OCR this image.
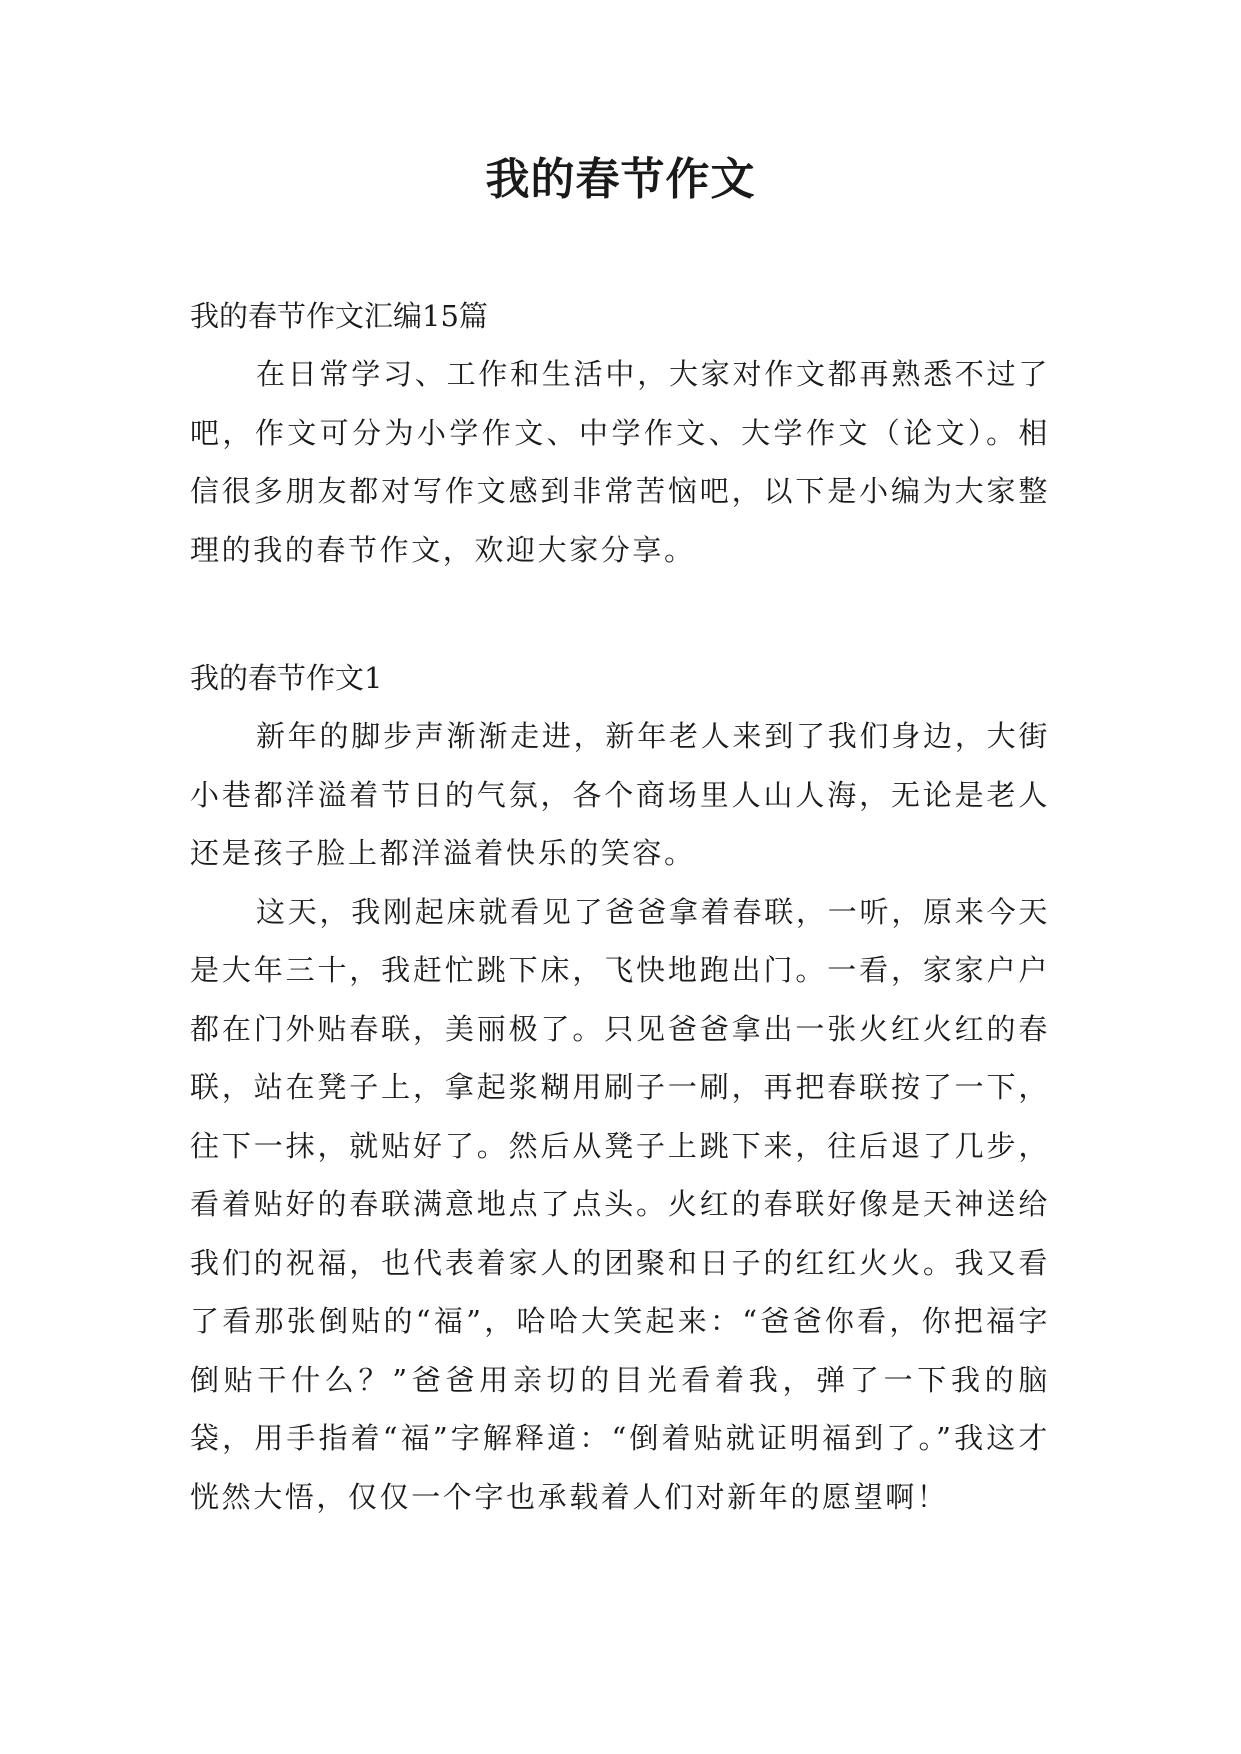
我的春节作文

我的春节作文汇编15篇

在日常学习、工作和生活中，大家对作文都再熟悉不过了吧，作文可分为小学作文、中学作文、大学作文（论文）。相信很多朋友都对写作文感到非常苦恼吧，以下是小编为大家整理的我的春节作文，欢迎大家分享。

我的春节作文1

新年的脚步声渐渐走进，新年老人来到了我们身边，大街小巷都洋溢着节日的气氛，各个商场里人山人海，无论是老人还是孩子脸上都洋溢着快乐的笑容。

这天，我刚起床就看见了爸爸拿着春联，一听，原来今天是大年三十，我赶忙跳下床，飞快地跑出门。一看，家家户户都在门外贴春联，美丽极了。只见爸爸拿出一张火红火红的春联，站在凳子上，拿起浆糊用刷子一刷，再把春联按了一下，往下一抹，就贴好了。然后从凳子上跳下来，往后退了几步，看着贴好的春联满意地点了点头。火红的春联好像是天神送给我们的祝福，也代表着家人的团聚和日子的红红火火。我又看了看那张倒贴的“福”，哈哈大笑起来：“爸爸你看，你把福字倒贴干什么？”爸爸用亲切的目光看着我，弹了一下我的脑袋，用手指着“福”字解释道：“倒着贴就证明福到了。”我这才恍然大悟，仅仅一个字也承载着人们对新年的愿望啊！
